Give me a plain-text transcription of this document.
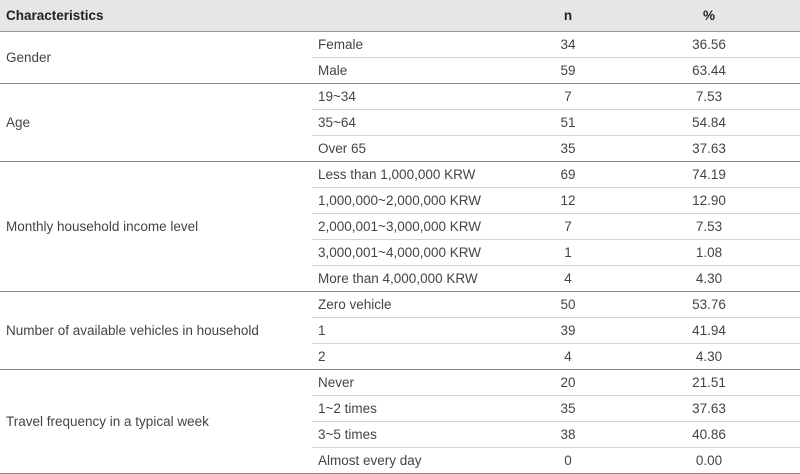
Characteristics		n	%
Gender	Female	34	36.56
	Male	59	63.44
Age	19~34	7	7.53
	35~64	51	54.84
	Over 65	35	37.63
Monthly household income level	Less than 1,000,000 KRW	69	74.19
	1,000,000~2,000,000 KRW	12	12.90
	2,000,001~3,000,000 KRW	7	7.53
	3,000,001~4,000,000 KRW	1	1.08
	More than 4,000,000 KRW	4	4.30
Number of available vehicles in household	Zero vehicle	50	53.76
	1	39	41.94
	2	4	4.30
Travel frequency in a typical week	Never	20	21.51
	1~2 times	35	37.63
	3~5 times	38	40.86
	Almost every day	0	0.00
